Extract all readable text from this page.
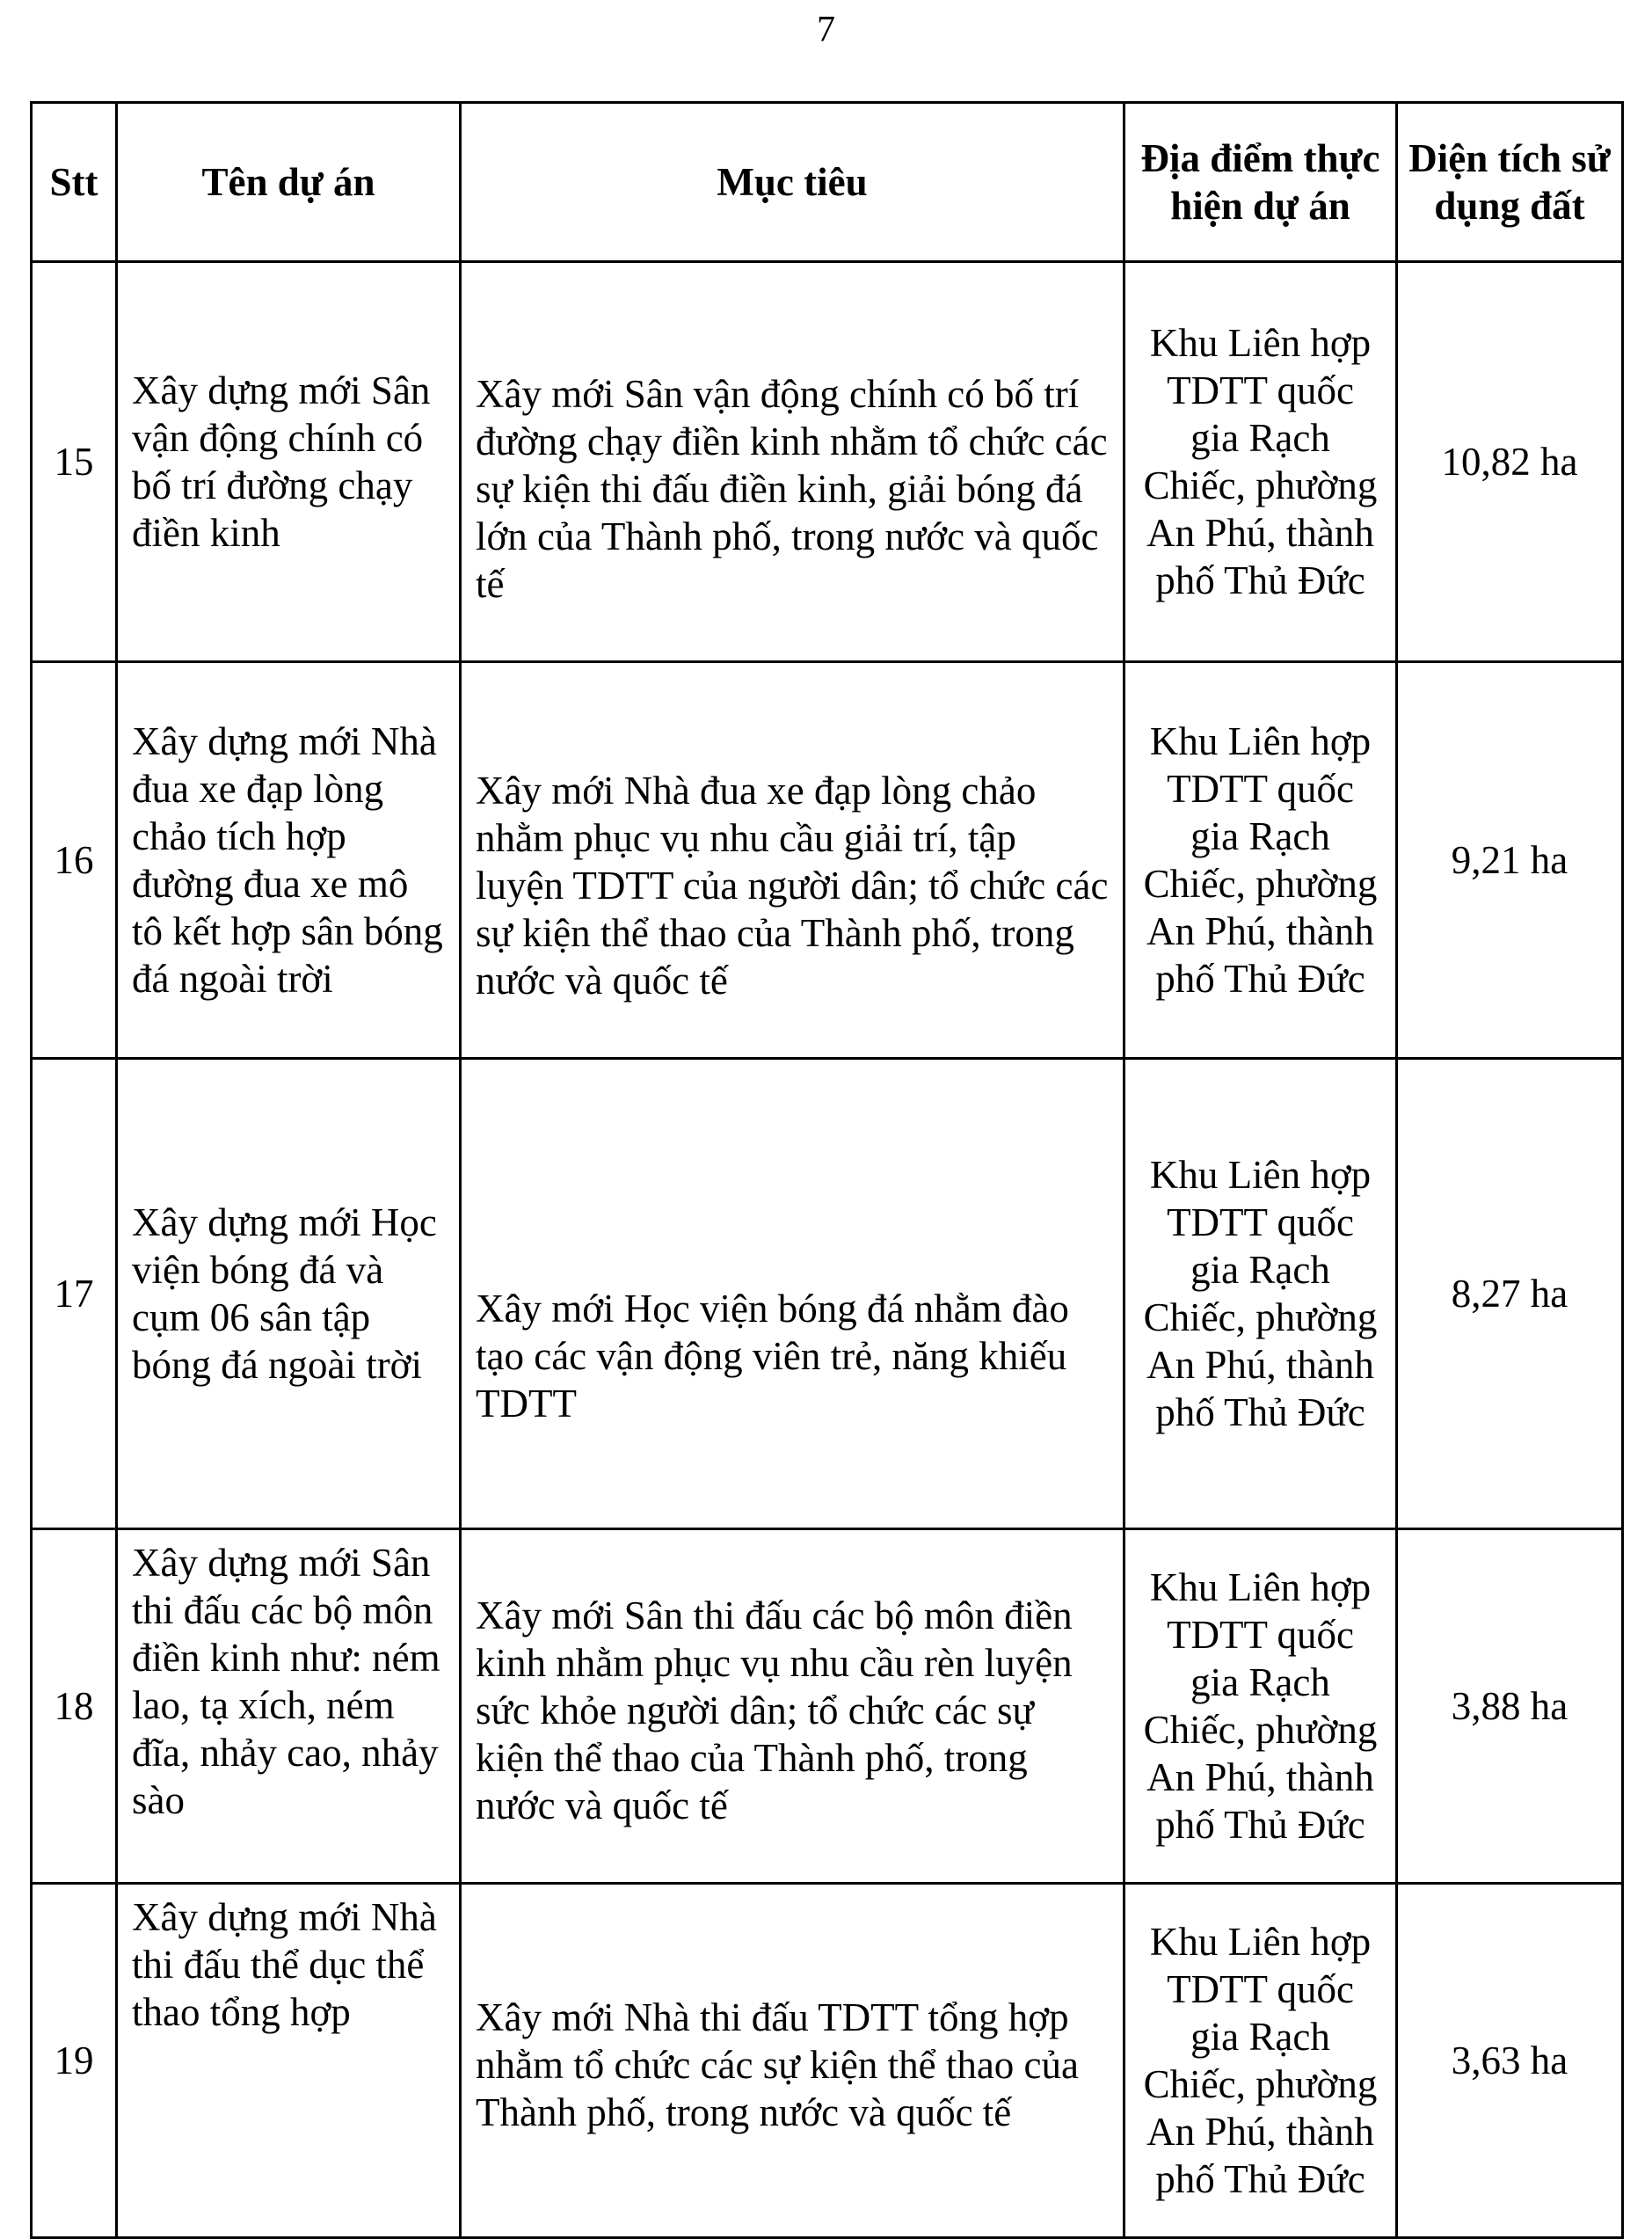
7
Stt	Tên dự án	Mục tiêu	Địa điểm thực hiện dự án	Diện tích sử dụng đất
15	Xây dựng mới Sân vận động chính có bố trí đường chạy điền kinh	Xây mới Sân vận động chính có bố trí đường chạy điền kinh nhằm tổ chức các sự kiện thi đấu điền kinh, giải bóng đá lớn của Thành phố, trong nước và quốc tế	Khu Liên hợp TDTT quốc gia Rạch Chiếc, phường An Phú, thành phố Thủ Đức	10,82 ha
16	Xây dựng mới Nhà đua xe đạp lòng chảo tích hợp đường đua xe mô tô kết hợp sân bóng đá ngoài trời	Xây mới Nhà đua xe đạp lòng chảo nhằm phục vụ nhu cầu giải trí, tập luyện TDTT của người dân; tổ chức các sự kiện thể thao của Thành phố, trong nước và quốc tế	Khu Liên hợp TDTT quốc gia Rạch Chiếc, phường An Phú, thành phố Thủ Đức	9,21 ha
17	Xây dựng mới Học viện bóng đá và cụm 06 sân tập bóng đá ngoài trời	Xây mới Học viện bóng đá nhằm đào tạo các vận động viên trẻ, năng khiếu TDTT	Khu Liên hợp TDTT quốc gia Rạch Chiếc, phường An Phú, thành phố Thủ Đức	8,27 ha
18	Xây dựng mới Sân thi đấu các bộ môn điền kinh như: ném lao, tạ xích, ném đĩa, nhảy cao, nhảy sào	Xây mới Sân thi đấu các bộ môn điền kinh nhằm phục vụ nhu cầu rèn luyện sức khỏe người dân; tổ chức các sự kiện thể thao của Thành phố, trong nước và quốc tế	Khu Liên hợp TDTT quốc gia Rạch Chiếc, phường An Phú, thành phố Thủ Đức	3,88 ha
19	Xây dựng mới Nhà thi đấu thể dục thể thao tổng hợp	Xây mới Nhà thi đấu TDTT tổng hợp nhằm tổ chức các sự kiện thể thao của Thành phố, trong nước và quốc tế	Khu Liên hợp TDTT quốc gia Rạch Chiếc, phường An Phú, thành phố Thủ Đức	3,63 ha
